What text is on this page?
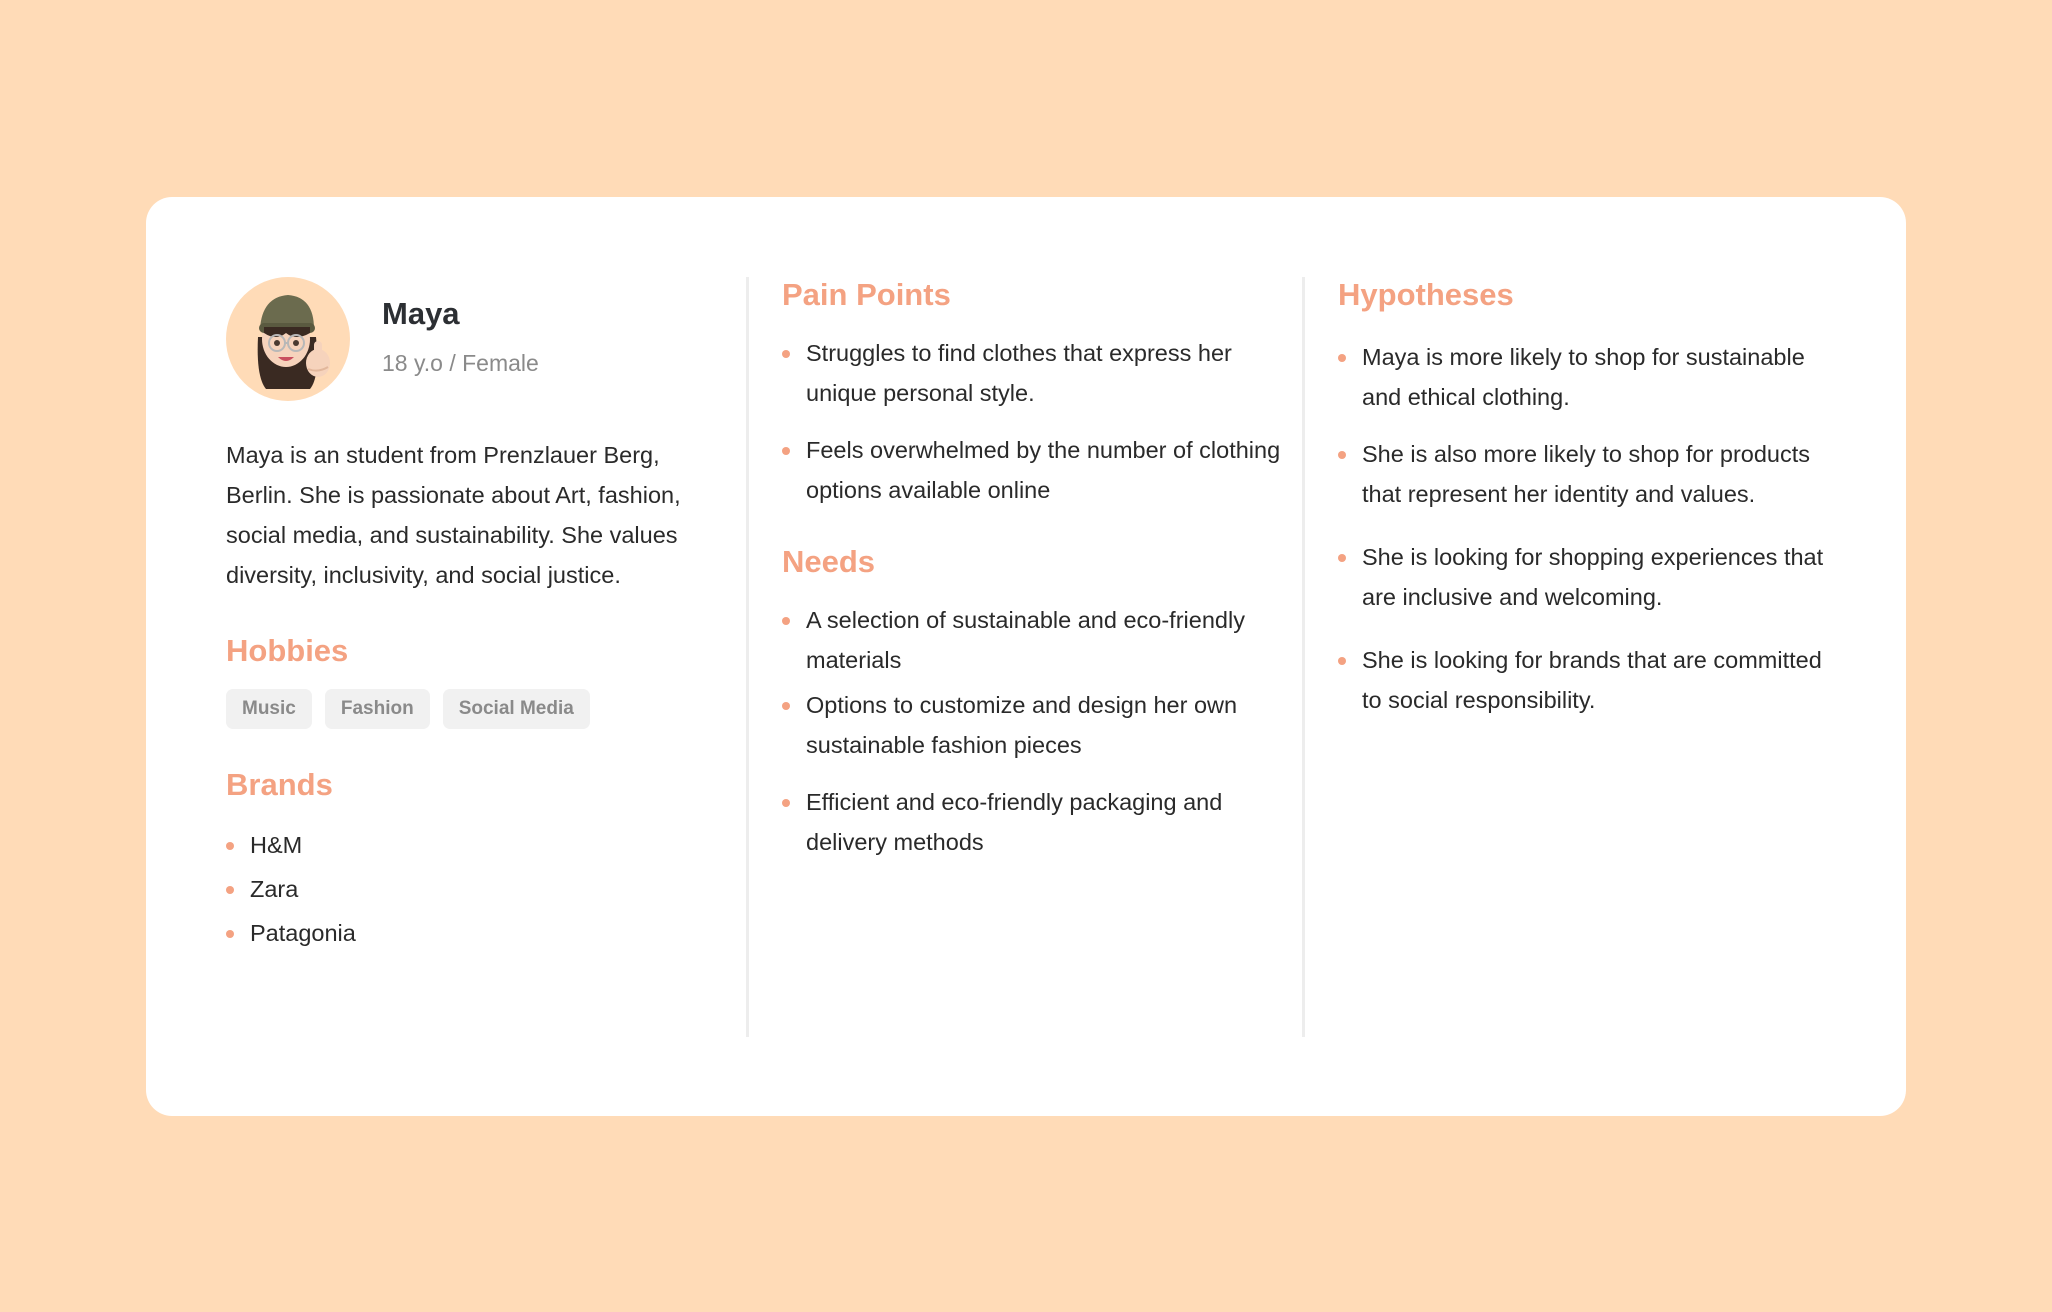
Maya
18 y.o / Female

Maya is an student from Prenzlauer Berg, Berlin. She is passionate about Art, fashion, social media, and sustainability. She values diversity, inclusivity, and social justice.

Hobbies
Music	Fashion	Social Media
Brands
H&M
Zara
Patagonia
Pain Points
Struggles to find clothes that express her unique personal style.
Feels overwhelmed by the number of clothing options available online
Needs
A selection of sustainable and eco-friendly materials
Options to customize and design her own sustainable fashion pieces
Efficient and eco-friendly packaging and delivery methods
Hypotheses
Maya is more likely to shop for sustainable and ethical clothing.
She is also more likely to shop for products that represent her identity and values.
She is looking for shopping experiences that are inclusive and welcoming.
She is looking for brands that are committed to social responsibility.
